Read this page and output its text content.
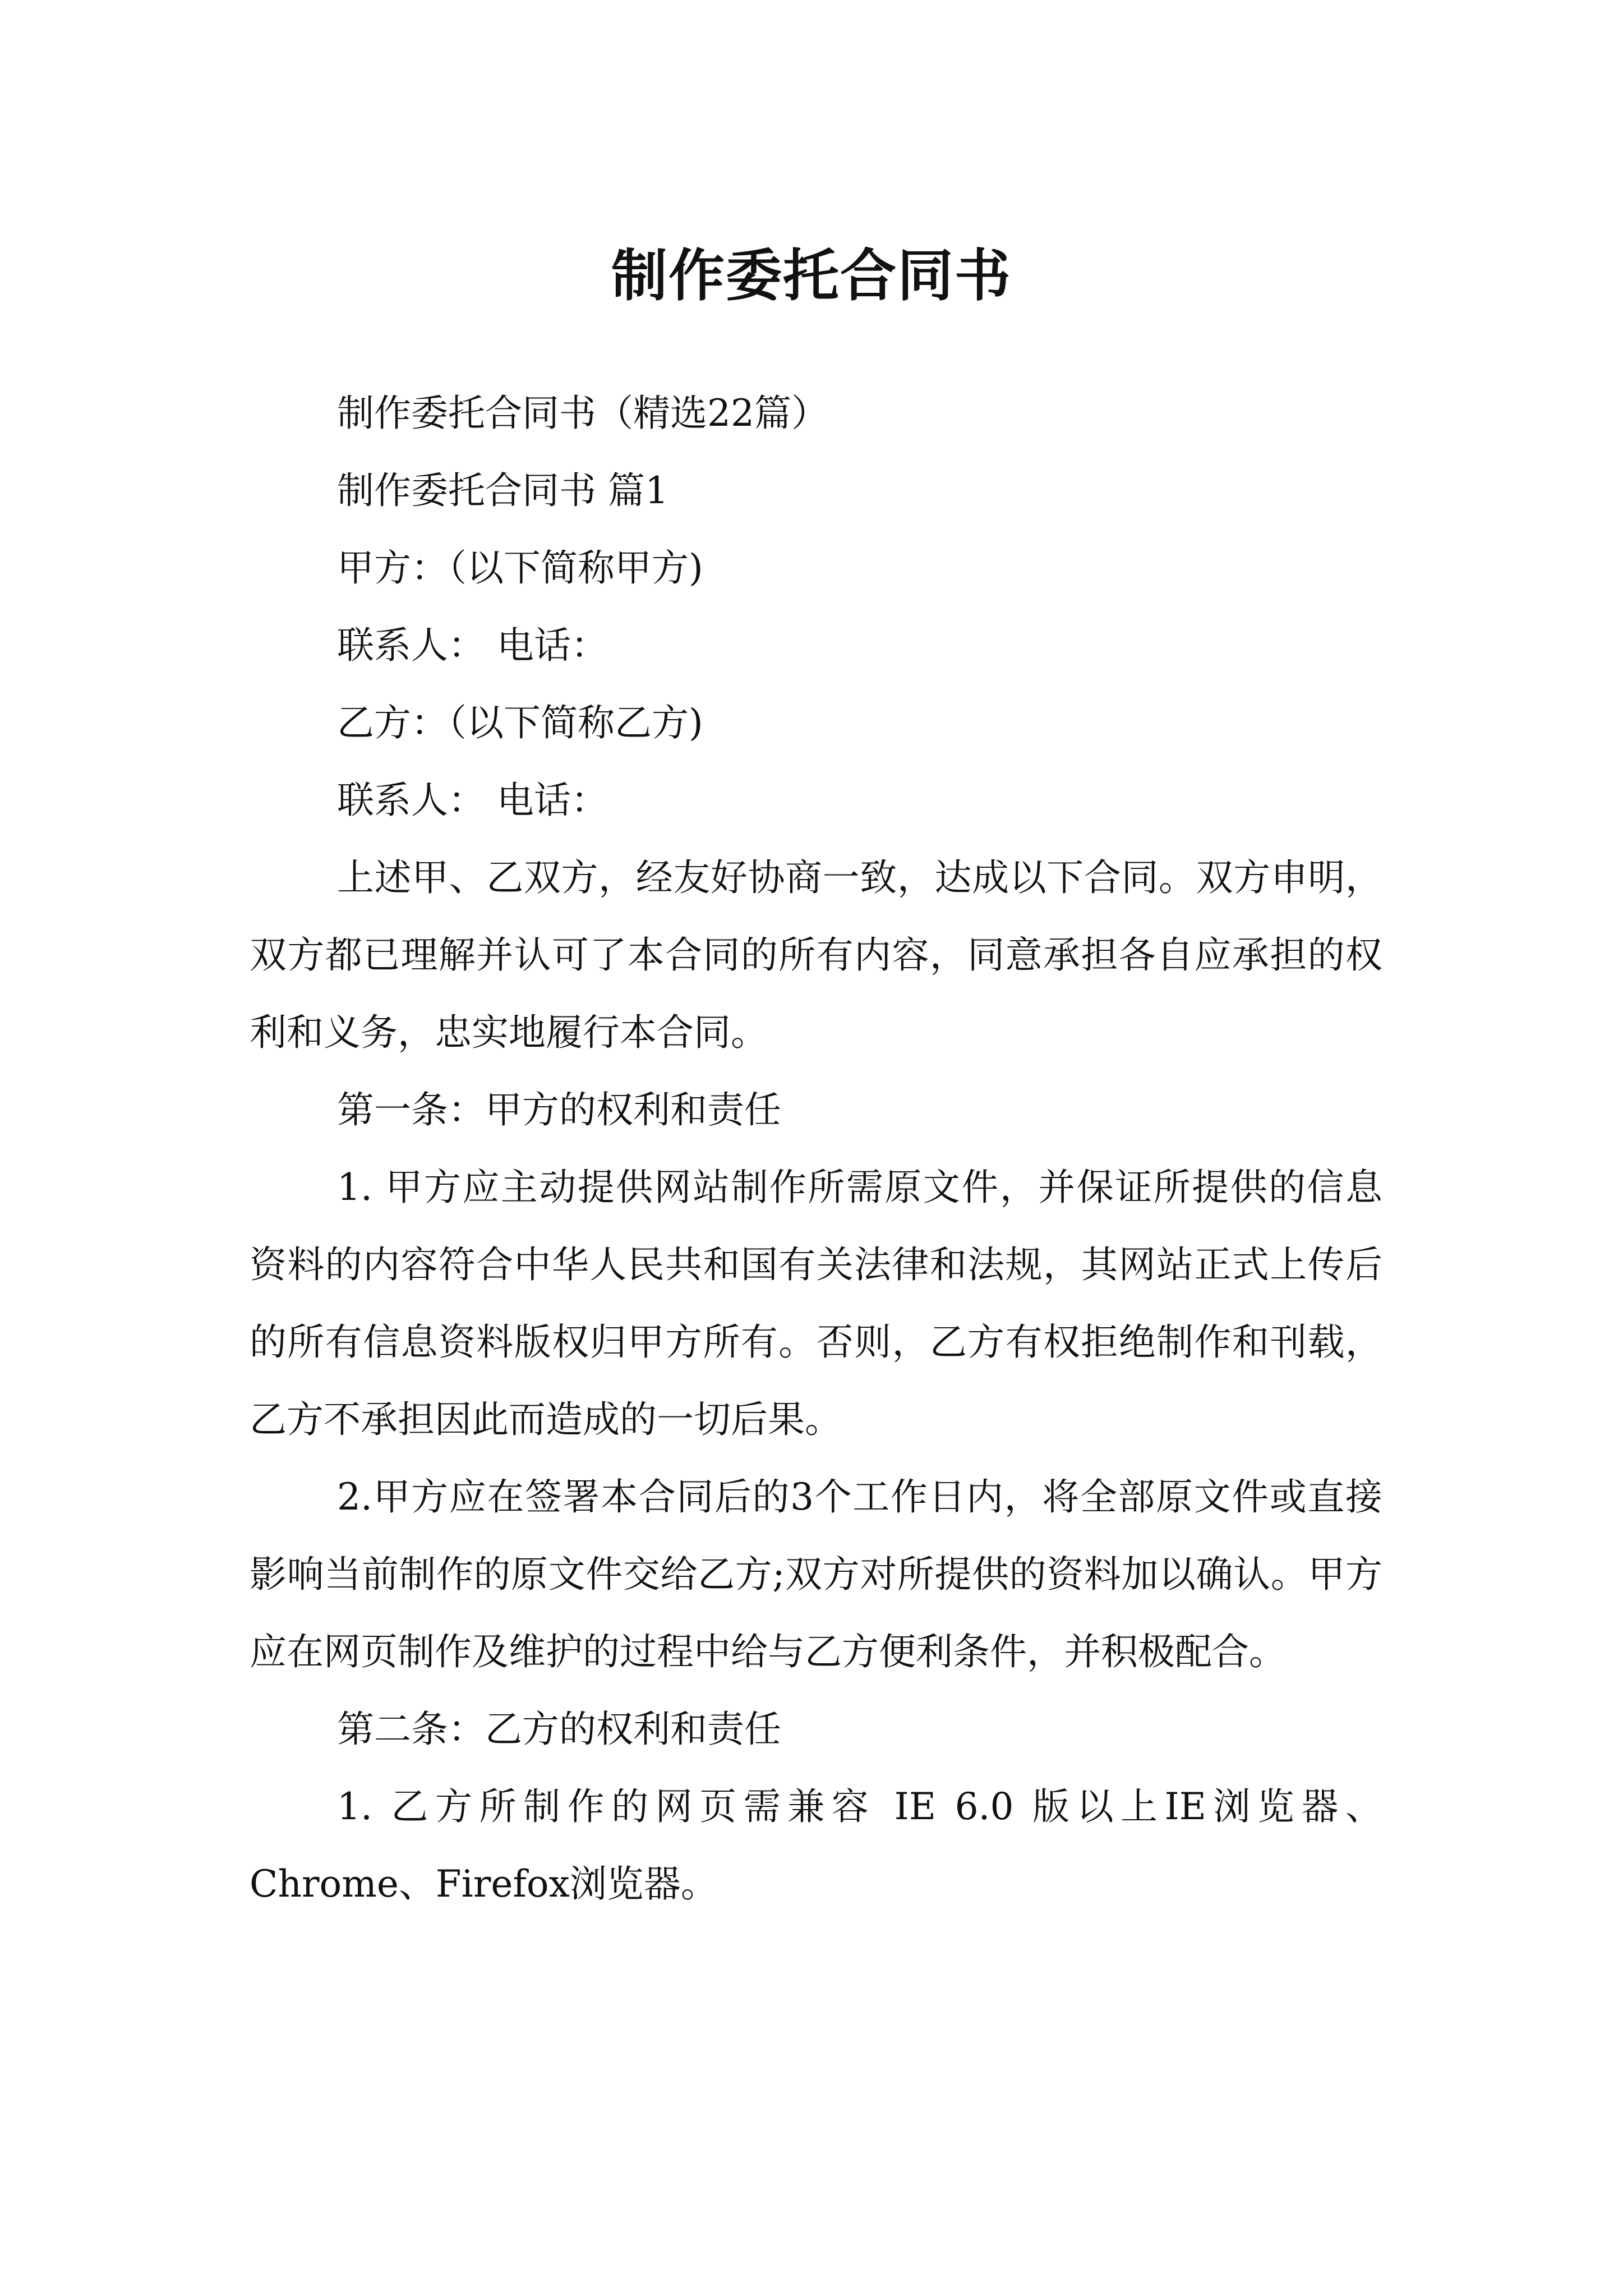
制作委托合同书

制作委托合同书（精选22篇）

制作委托合同书 篇1

甲方：（以下简称甲方)

联系人： 电话：

乙方：（以下简称乙方)

联系人： 电话：

上述甲、乙双方，经友好协商一致，达成以下合同。双方申明，双方都已理解并认可了本合同的所有内容，同意承担各自应承担的权利和义务，忠实地履行本合同。

第一条：甲方的权利和责任

1. 甲方应主动提供网站制作所需原文件，并保证所提供的信息资料的内容符合中华人民共和国有关法律和法规，其网站正式上传后的所有信息资料版权归甲方所有。否则，乙方有权拒绝制作和刊载，乙方不承担因此而造成的一切后果。

2.甲方应在签署本合同后的3个工作日内，将全部原文件或直接影响当前制作的原文件交给乙方;双方对所提供的资料加以确认。甲方应在网页制作及维护的过程中给与乙方便利条件，并积极配合。

第二条：乙方的权利和责任

1. 乙方所制作的网页需兼容 IE 6.0 版以上IE浏览器、Chrome、Firefox浏览器。
